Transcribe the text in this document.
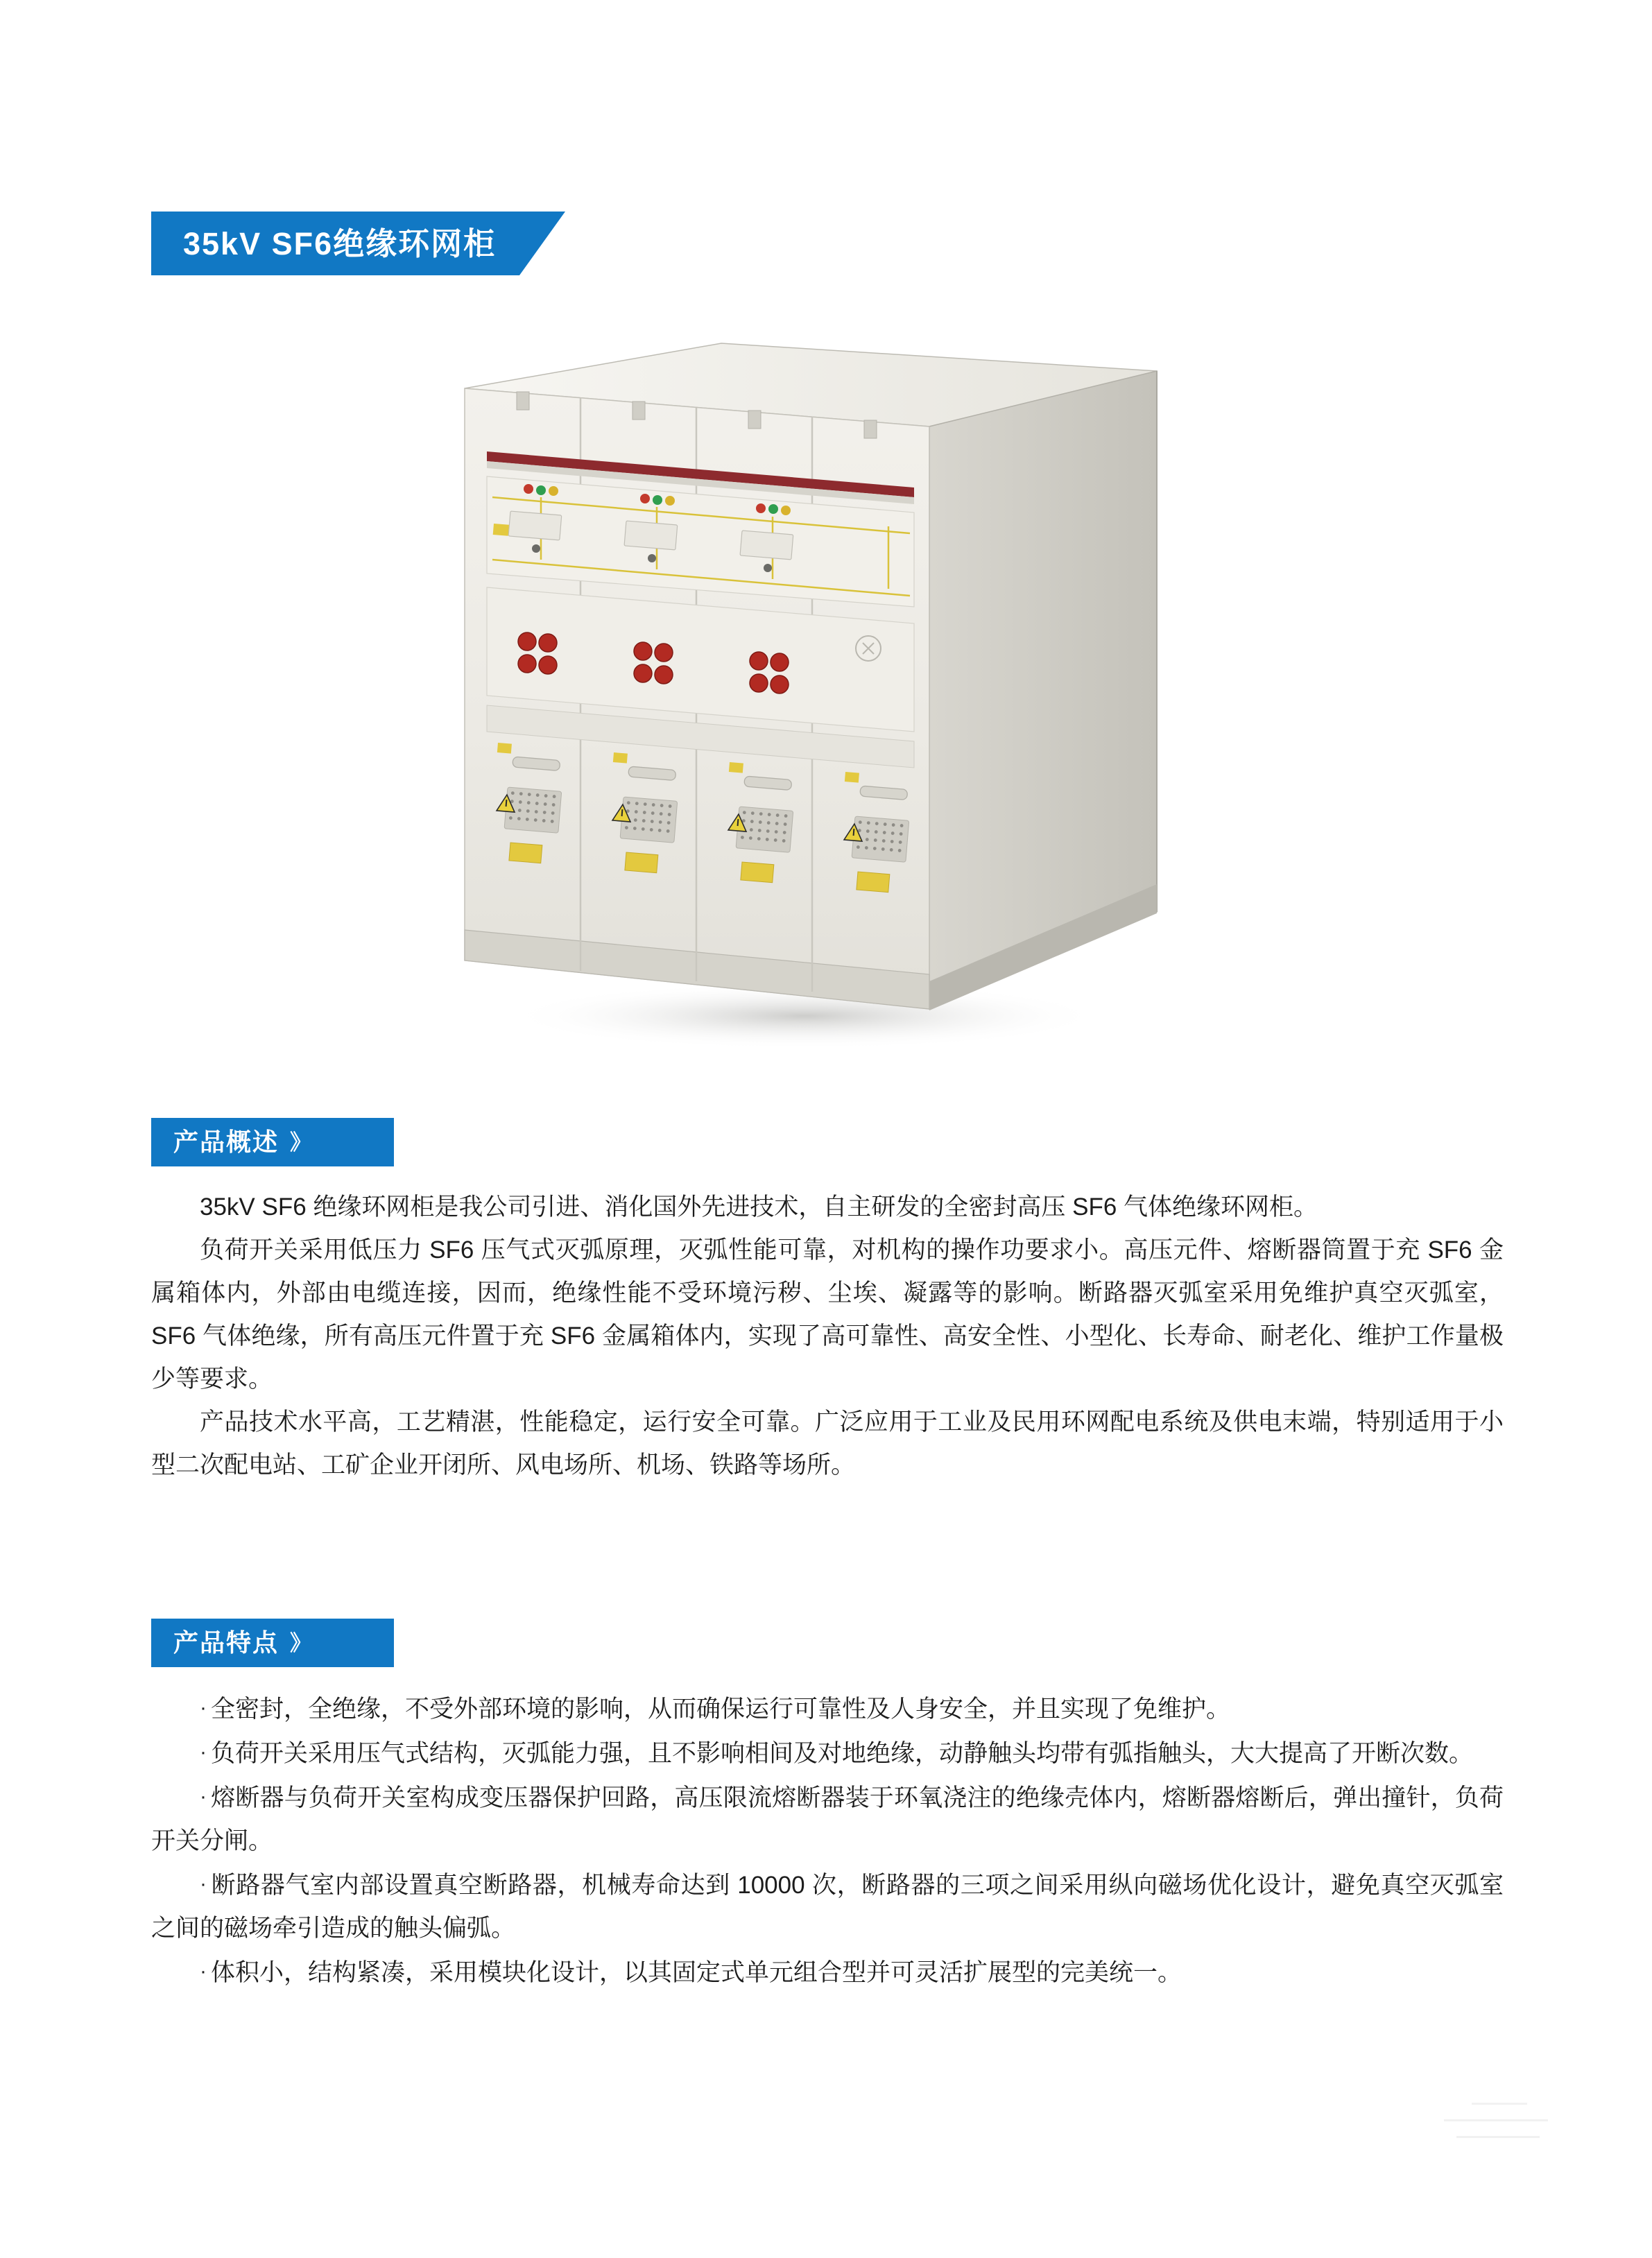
35kV SF6绝缘环网柜
产品概述 》

35kV SF6 绝缘环网柜是我公司引进、消化国外先进技术，自主研发的全密封高压 SF6 气体绝缘环网柜。

负荷开关采用低压力 SF6 压气式灭弧原理，灭弧性能可靠，对机构的操作功要求小。高压元件、熔断器筒置于充 SF6 金属箱体内，外部由电缆连接，因而，绝缘性能不受环境污秽、尘埃、凝露等的影响。断路器灭弧室采用免维护真空灭弧室，SF6 气体绝缘，所有高压元件置于充 SF6 金属箱体内，实现了高可靠性、高安全性、小型化、长寿命、耐老化、维护工作量极少等要求。

产品技术水平高，工艺精湛，性能稳定，运行安全可靠。广泛应用于工业及民用环网配电系统及供电末端，特别适用于小型二次配电站、工矿企业开闭所、风电场所、机场、铁路等场所。

产品特点 》

· 全密封，全绝缘，不受外部环境的影响，从而确保运行可靠性及人身安全，并且实现了免维护。

· 负荷开关采用压气式结构，灭弧能力强，且不影响相间及对地绝缘，动静触头均带有弧指触头，大大提高了开断次数。

· 熔断器与负荷开关室构成变压器保护回路，高压限流熔断器装于环氧浇注的绝缘壳体内，熔断器熔断后，弹出撞针，负荷开关分闸。

· 断路器气室内部设置真空断路器，机械寿命达到 10000 次，断路器的三项之间采用纵向磁场优化设计，避免真空灭弧室之间的磁场牵引造成的触头偏弧。

· 体积小，结构紧凑，采用模块化设计，以其固定式单元组合型并可灵活扩展型的完美统一。
